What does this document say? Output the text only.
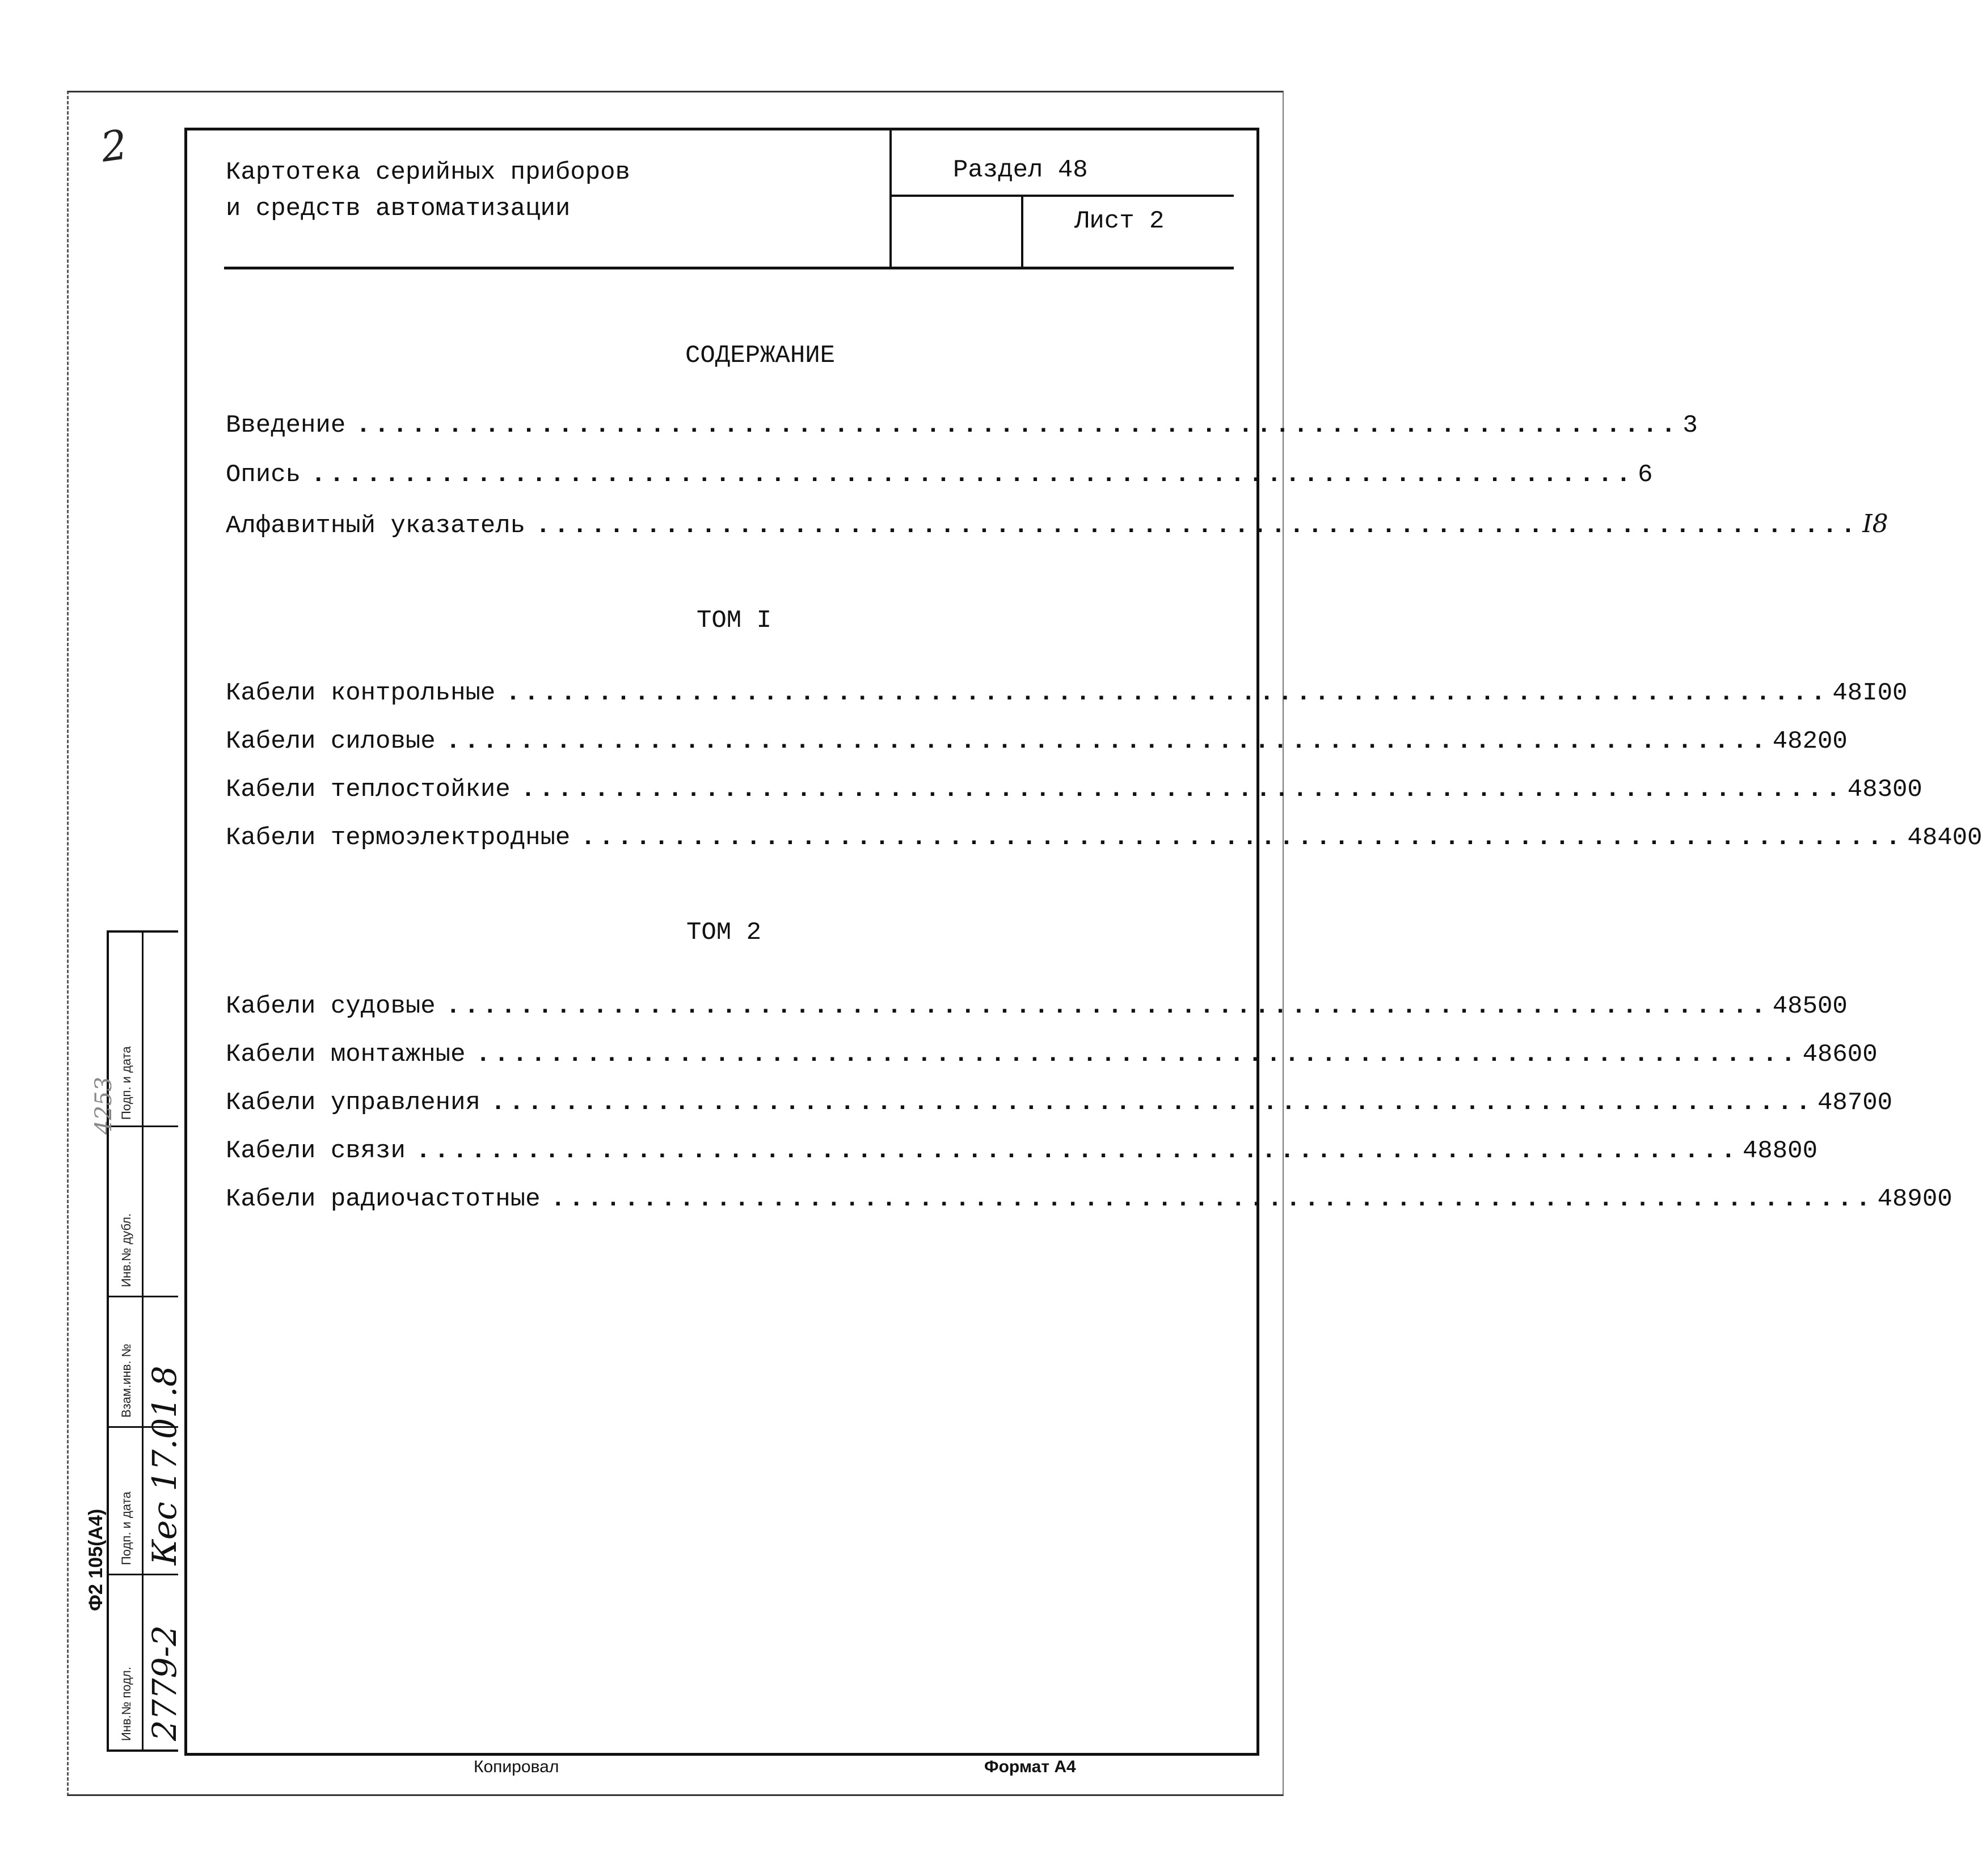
2
Инв.№ подл.
Подп. и дата
Взам.инв. №
Инв.№ дубл.
Подп. и дата
2779-2
Кес 17.01.8
Ф2 105(А4)
4253
Картотека серийных приборов
и средств автоматизации
Раздел 48
Лист 2
СОДЕРЖАНИЕ
Введение ........................................................................ 3
Опись ........................................................................ 6
Алфавитный указатель ........................................................................ I8
ТОМ I
Кабели контрольные ........................................................................ 48I00
Кабели силовые ........................................................................ 48200
Кабели теплостойкие ........................................................................ 48300
Кабели термоэлектродные ........................................................................ 48400
ТОМ 2
Кабели судовые ........................................................................ 48500
Кабели монтажные ........................................................................ 48600
Кабели управления ........................................................................ 48700
Кабели связи ........................................................................ 48800
Кабели радиочастотные ........................................................................ 48900
Копировал	Формат А4
